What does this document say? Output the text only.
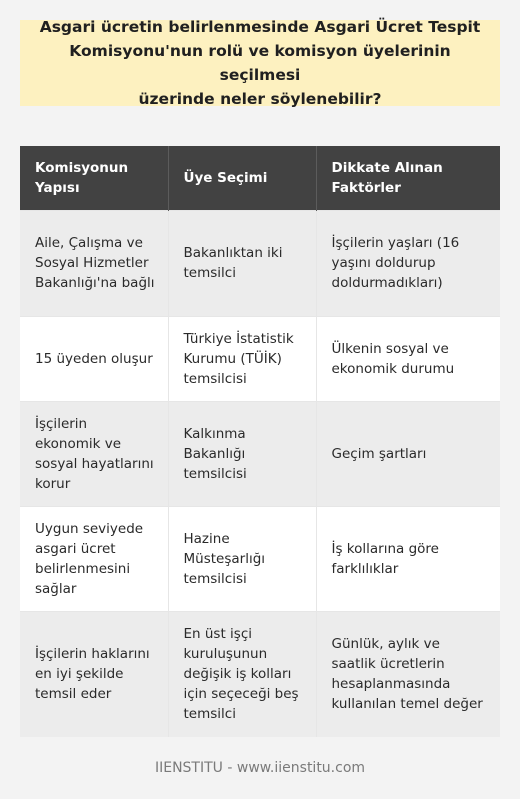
Asgari ücretin belirlenmesinde Asgari Ücret Tespit
Komisyonu'nun rolü ve komisyon üyelerinin seçilmesi
üzerinde neler söylenebilir?

Komisyonun Yapısı	Üye Seçimi	Dikkate Alınan Faktörler
Aile, Çalışma ve Sosyal Hizmetler Bakanlığı'na bağlı	Bakanlıktan iki temsilci	İşçilerin yaşları (16 yaşını doldurup doldurmadıkları)
15 üyeden oluşur	Türkiye İstatistik Kurumu (TÜİK) temsilcisi	Ülkenin sosyal ve ekonomik durumu
İşçilerin ekonomik ve sosyal hayatlarını korur	Kalkınma Bakanlığı temsilcisi	Geçim şartları
Uygun seviyede asgari ücret belirlenmesini sağlar	Hazine Müsteşarlığı temsilcisi	İş kollarına göre farklılıklar
İşçilerin haklarını en iyi şekilde temsil eder	En üst işçi kuruluşunun değişik iş kolları için seçeceği beş temsilci	Günlük, aylık ve saatlik ücretlerin hesaplanmasında kullanılan temel değer
IIENSTITU - www.iienstitu.com
